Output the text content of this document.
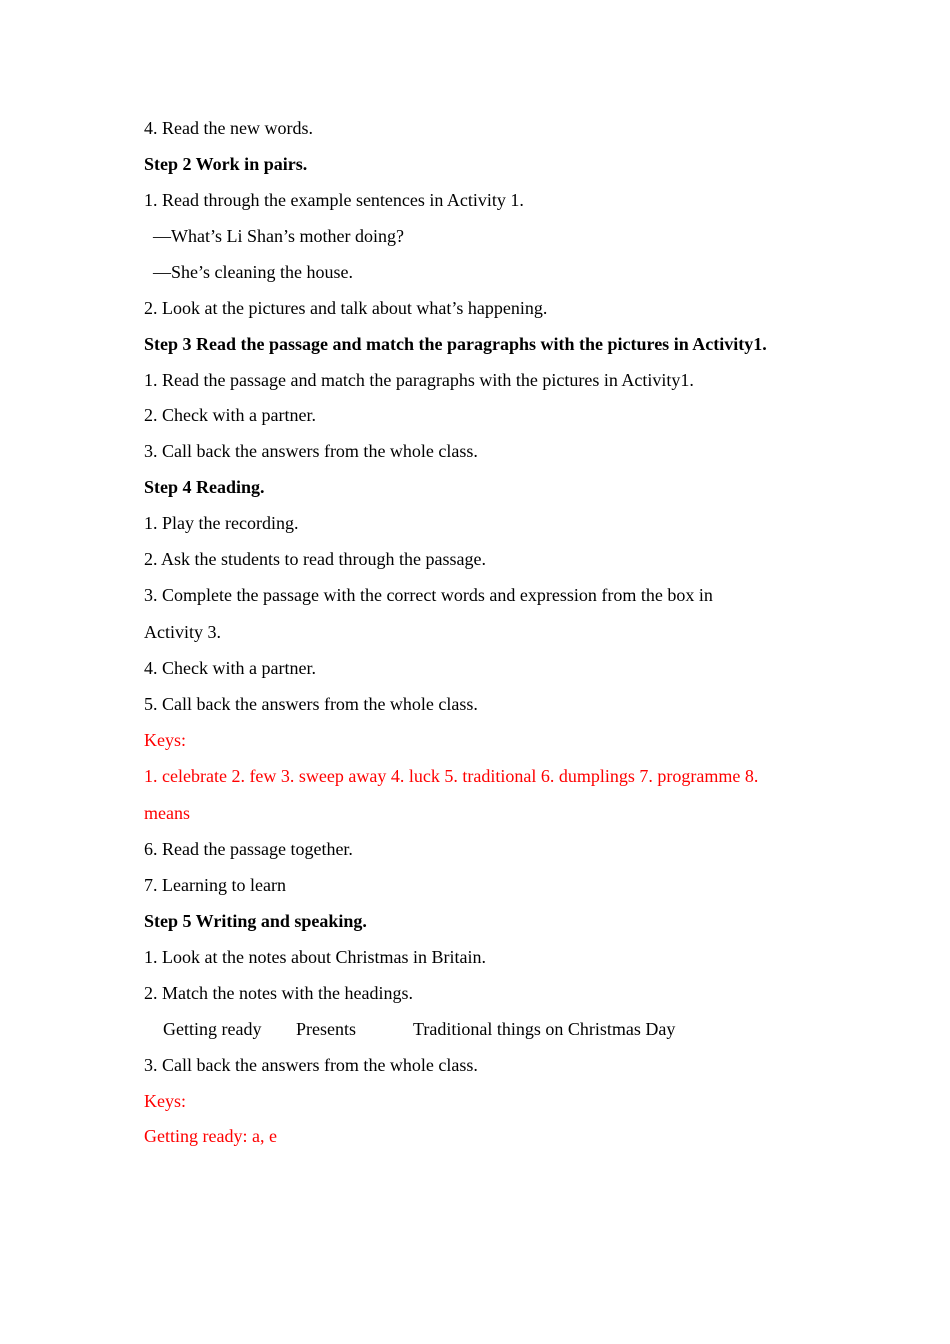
4. Read the new words.
Step 2 Work in pairs.
1. Read through the example sentences in Activity 1.
—What’s Li Shan’s mother doing?
—She’s cleaning the house.
2. Look at the pictures and talk about what’s happening.
Step 3 Read the passage and match the paragraphs with the pictures in Activity1.
1. Read the passage and match the paragraphs with the pictures in Activity1.
2. Check with a partner.
3. Call back the answers from the whole class.
Step 4 Reading.
1. Play the recording.
2. Ask the students to read through the passage.
3. Complete the passage with the correct words and expression from the box in
Activity 3.
4. Check with a partner.
5. Call back the answers from the whole class.
Keys:
1. celebrate 2. few 3. sweep away 4. luck 5. traditional 6. dumplings 7. programme 8.
means
6. Read the passage together.
7. Learning to learn
Step 5 Writing and speaking.
1. Look at the notes about Christmas in Britain.
2. Match the notes with the headings.
Getting ready Presents	Traditional things on Christmas Day
3. Call back the answers from the whole class.
Keys:
Getting ready: a, e
